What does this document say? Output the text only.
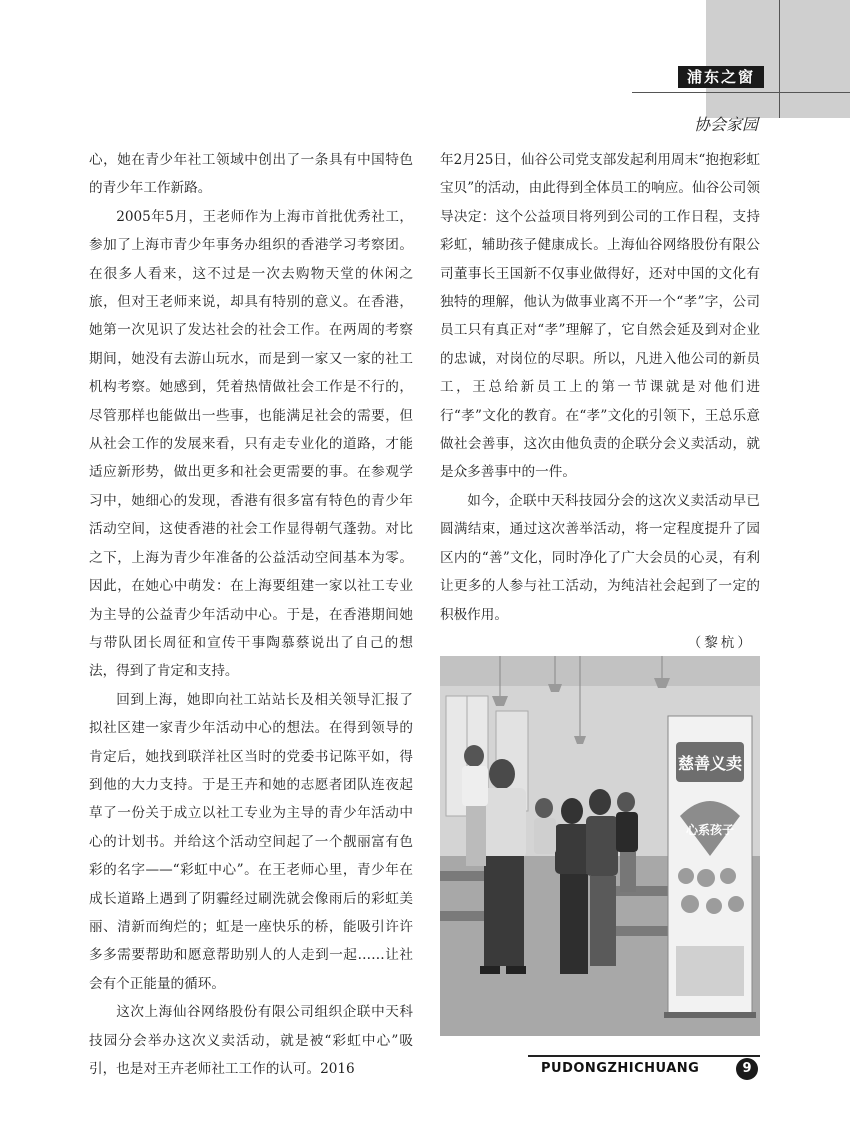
浦东之窗
协会家园

心，她在青少年社工领域中创出了一条具有中国特色的青少年工作新路。

2005年5月，王老师作为上海市首批优秀社工，参加了上海市青少年事务办组织的香港学习考察团。在很多人看来，这不过是一次去购物天堂的休闲之旅，但对王老师来说，却具有特别的意义。在香港，她第一次见识了发达社会的社会工作。在两周的考察期间，她没有去游山玩水，而是到一家又一家的社工机构考察。她感到，凭着热情做社会工作是不行的，尽管那样也能做出一些事，也能满足社会的需要，但从社会工作的发展来看，只有走专业化的道路，才能适应新形势，做出更多和社会更需要的事。在参观学习中，她细心的发现，香港有很多富有特色的青少年活动空间，这使香港的社会工作显得朝气蓬勃。对比之下，上海为青少年准备的公益活动空间基本为零。因此，在她心中萌发：在上海要组建一家以社工专业为主导的公益青少年活动中心。于是，在香港期间她与带队团长周征和宣传干事陶慕蔡说出了自己的想法，得到了肯定和支持。

回到上海，她即向社工站站长及相关领导汇报了拟社区建一家青少年活动中心的想法。在得到领导的肯定后，她找到联洋社区当时的党委书记陈平如，得到他的大力支持。于是王卉和她的志愿者团队连夜起草了一份关于成立以社工专业为主导的青少年活动中心的计划书。并给这个活动空间起了一个靓丽富有色彩的名字——“彩虹中心”。在王老师心里，青少年在成长道路上遇到了阴霾经过刷洗就会像雨后的彩虹美丽、清新而绚烂的；虹是一座快乐的桥，能吸引许许多多需要帮助和愿意帮助别人的人走到一起……让社会有个正能量的循环。

这次上海仙谷网络股份有限公司组织企联中天科技园分会举办这次义卖活动，就是被“彩虹中心”吸引，也是对王卉老师社工工作的认可。2016

年2月25日，仙谷公司党支部发起利用周末“抱抱彩虹宝贝”的活动，由此得到全体员工的响应。仙谷公司领导决定：这个公益项目将列到公司的工作日程，支持彩虹，辅助孩子健康成长。上海仙谷网络股份有限公司董事长王国新不仅事业做得好，还对中国的文化有独特的理解，他认为做事业离不开一个“孝”字，公司员工只有真正对“孝”理解了，它自然会延及到对企业的忠诚，对岗位的尽职。所以，凡进入他公司的新员工，王总给新员工上的第一节课就是对他们进行“孝”文化的教育。在“孝”文化的引领下，王总乐意做社会善事，这次由他负责的企联分会义卖活动，就是众多善事中的一件。

如今，企联中天科技园分会的这次义卖活动早已圆满结束，通过这次善举活动，将一定程度提升了园区内的“善”文化，同时净化了广大会员的心灵，有利让更多的人参与社工活动，为纯洁社会起到了一定的积极作用。

（黎杭）

慈善义卖
心系孩子
PUDONGZHICHUANG	9
